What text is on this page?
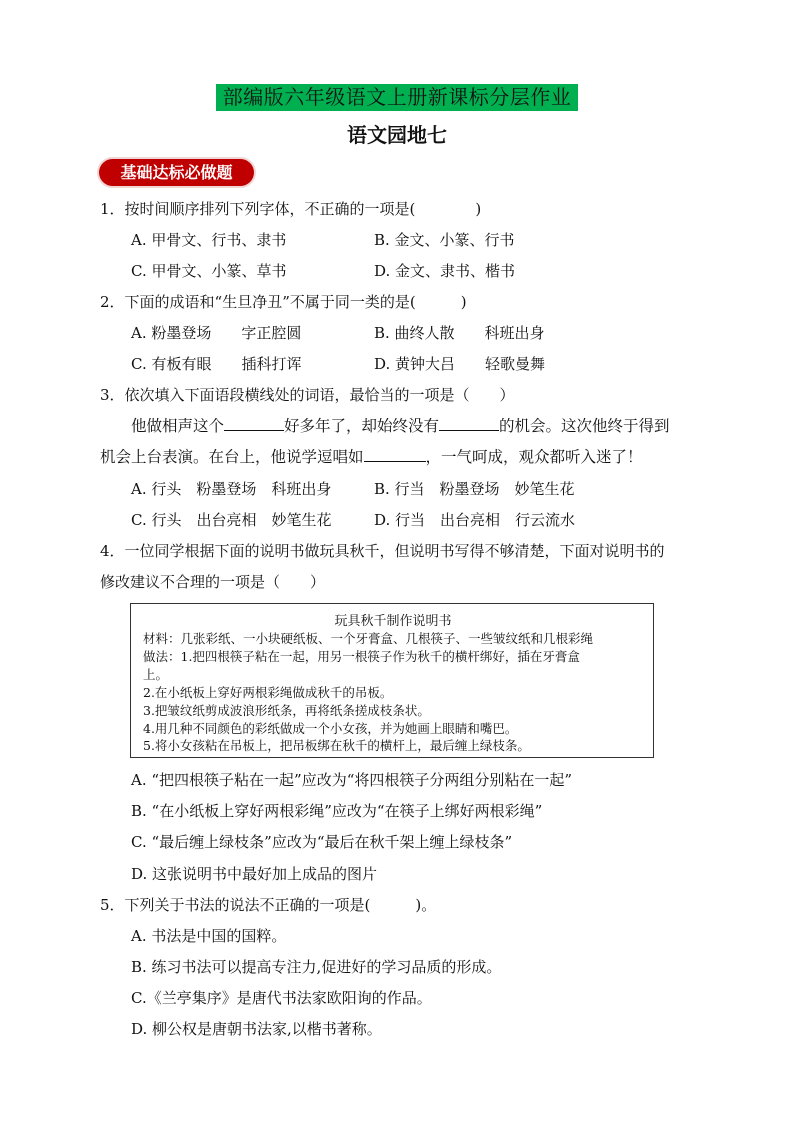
部编版六年级语文上册新课标分层作业
语文园地七
基础达标必做题
1．按时间顺序排列下列字体，不正确的一项是(　　　　)
A. 甲骨文、行书、隶书	B. 金文、小篆、行书
C. 甲骨文、小篆、草书	D. 金文、隶书、楷书
2．下面的成语和“生旦净丑”不属于同一类的是(　　　)
A. 粉墨登场　　字正腔圆	B. 曲终人散　　科班出身
C. 有板有眼　　插科打诨	D. 黄钟大吕　　轻歌曼舞
3．依次填入下面语段横线处的词语，最恰当的一项是（　　）
他做相声这个	好多年了，却始终没有	的机会。这次他终于得到
机会上台表演。在台上，他说学逗唱如	，一气呵成，观众都听入迷了！
A. 行头　粉墨登场　科班出身	B. 行当　粉墨登场　妙笔生花
C. 行头　出台亮相　妙笔生花	D. 行当　出台亮相　行云流水
4．一位同学根据下面的说明书做玩具秋千，但说明书写得不够清楚，下面对说明书的
修改建议不合理的一项是（　　）
玩具秋千制作说明书
材料：几张彩纸、一小块硬纸板、一个牙膏盒、几根筷子、一些皱纹纸和几根彩绳
做法：1.把四根筷子粘在一起，用另一根筷子作为秋千的横杆绑好，插在牙膏盒
上。
2.在小纸板上穿好两根彩绳做成秋千的吊板。
3.把皱纹纸剪成波浪形纸条，再将纸条搓成枝条状。
4.用几种不同颜色的彩纸做成一个小女孩，并为她画上眼睛和嘴巴。
5.将小女孩粘在吊板上，把吊板绑在秋千的横杆上，最后缠上绿枝条。
A. “把四根筷子粘在一起”应改为“将四根筷子分两组分别粘在一起”
B. “在小纸板上穿好两根彩绳”应改为“在筷子上绑好两根彩绳”
C. “最后缠上绿枝条”应改为“最后在秋千架上缠上绿枝条”
D. 这张说明书中最好加上成品的图片
5．下列关于书法的说法不正确的一项是(　　　)。
A. 书法是中国的国粹。
B. 练习书法可以提高专注力,促进好的学习品质的形成。
C.《兰亭集序》是唐代书法家欧阳询的作品。
D. 柳公权是唐朝书法家,以楷书著称。
